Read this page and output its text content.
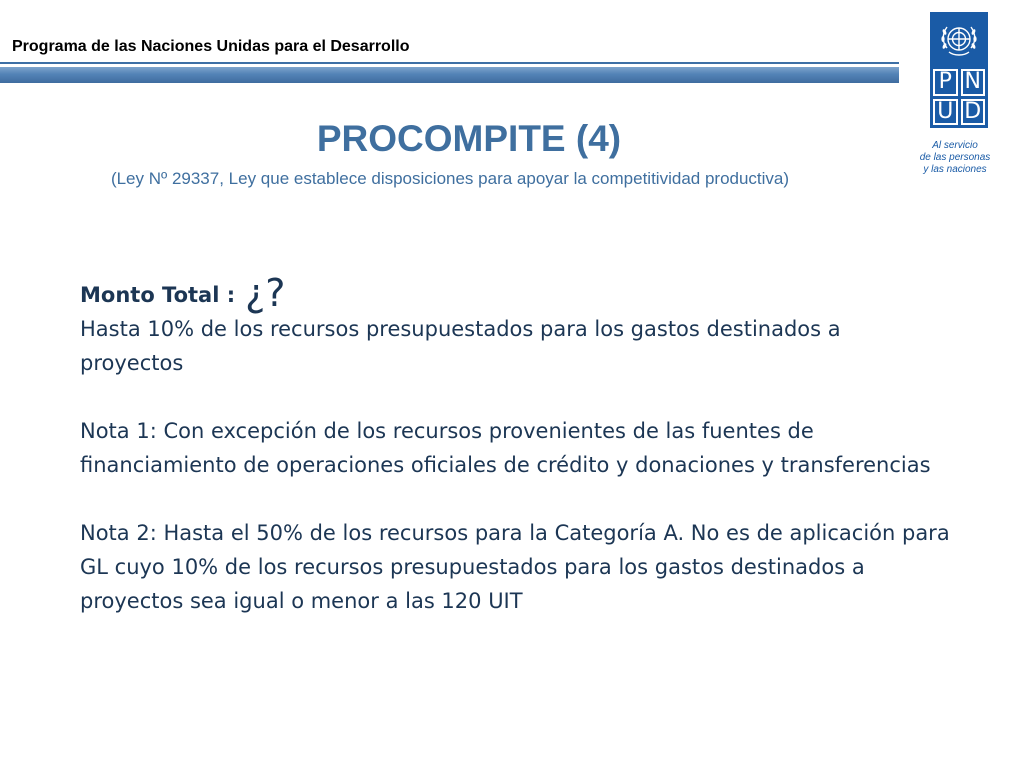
Programa de las Naciones Unidas para el Desarrollo
PROCOMPITE (4)
(Ley Nº 29337, Ley que establece disposiciones para apoyar la competitividad productiva)
P N
U D
Al servicio
de las personas
y las naciones
Monto Total : ¿?
Hasta 10% de los recursos presupuestados para los gastos destinados a proyectos
Nota 1: Con excepción de los recursos provenientes de las fuentes de financiamiento de operaciones oficiales de crédito y donaciones y transferencias
Nota 2: Hasta el 50% de los recursos para la Categoría A. No es de aplicación para GL cuyo 10% de los recursos presupuestados para los gastos destinados a proyectos sea igual o menor a las 120 UIT
